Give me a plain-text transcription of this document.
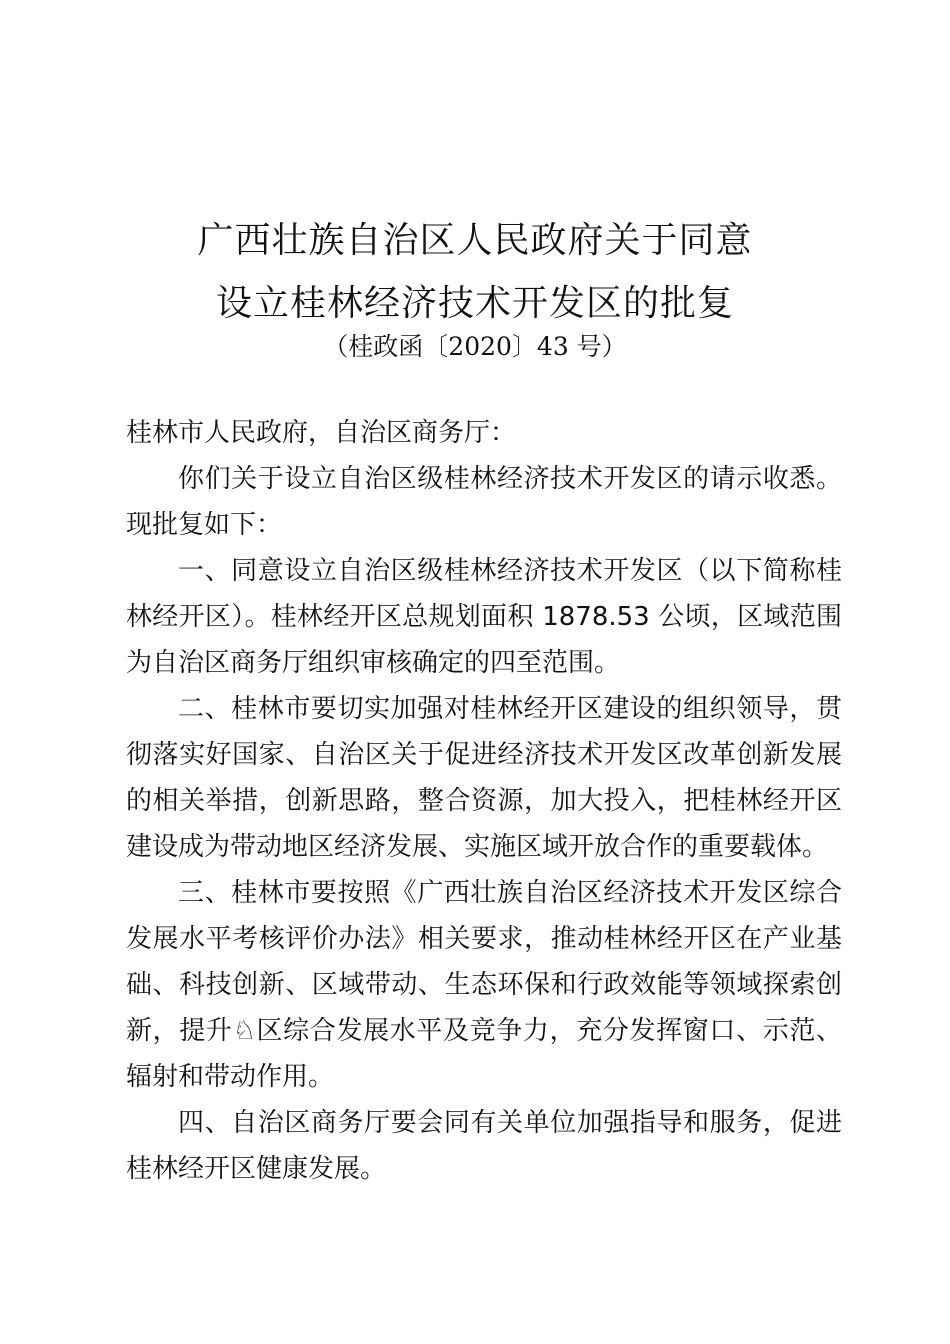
广西壮族自治区人民政府关于同意
设立桂林经济技术开发区的批复
（桂政函〔2020〕43 号）

桂林市人民政府，自治区商务厅：

你们关于设立自治区级桂林经济技术开发区的请示收悉。现批复如下：

一、同意设立自治区级桂林经济技术开发区（以下简称桂林经开区）。桂林经开区总规划面积 1878.53 公顷，区域范围为自治区商务厅组织审核确定的四至范围。

二、桂林市要切实加强对桂林经开区建设的组织领导，贯彻落实好国家、自治区关于促进经济技术开发区改革创新发展的相关举措，创新思路，整合资源，加大投入，把桂林经开区建设成为带动地区经济发展、实施区域开放合作的重要载体。

三、桂林市要按照《广西壮族自治区经济技术开发区综合发展水平考核评价办法》相关要求，推动桂林经开区在产业基础、科技创新、区域带动、生态环保和行政效能等领域探索创新，提升♘区综合发展水平及竞争力，充分发挥窗口、示范、辐射和带动作用。

四、自治区商务厅要会同有关单位加强指导和服务，促进桂林经开区健康发展。
